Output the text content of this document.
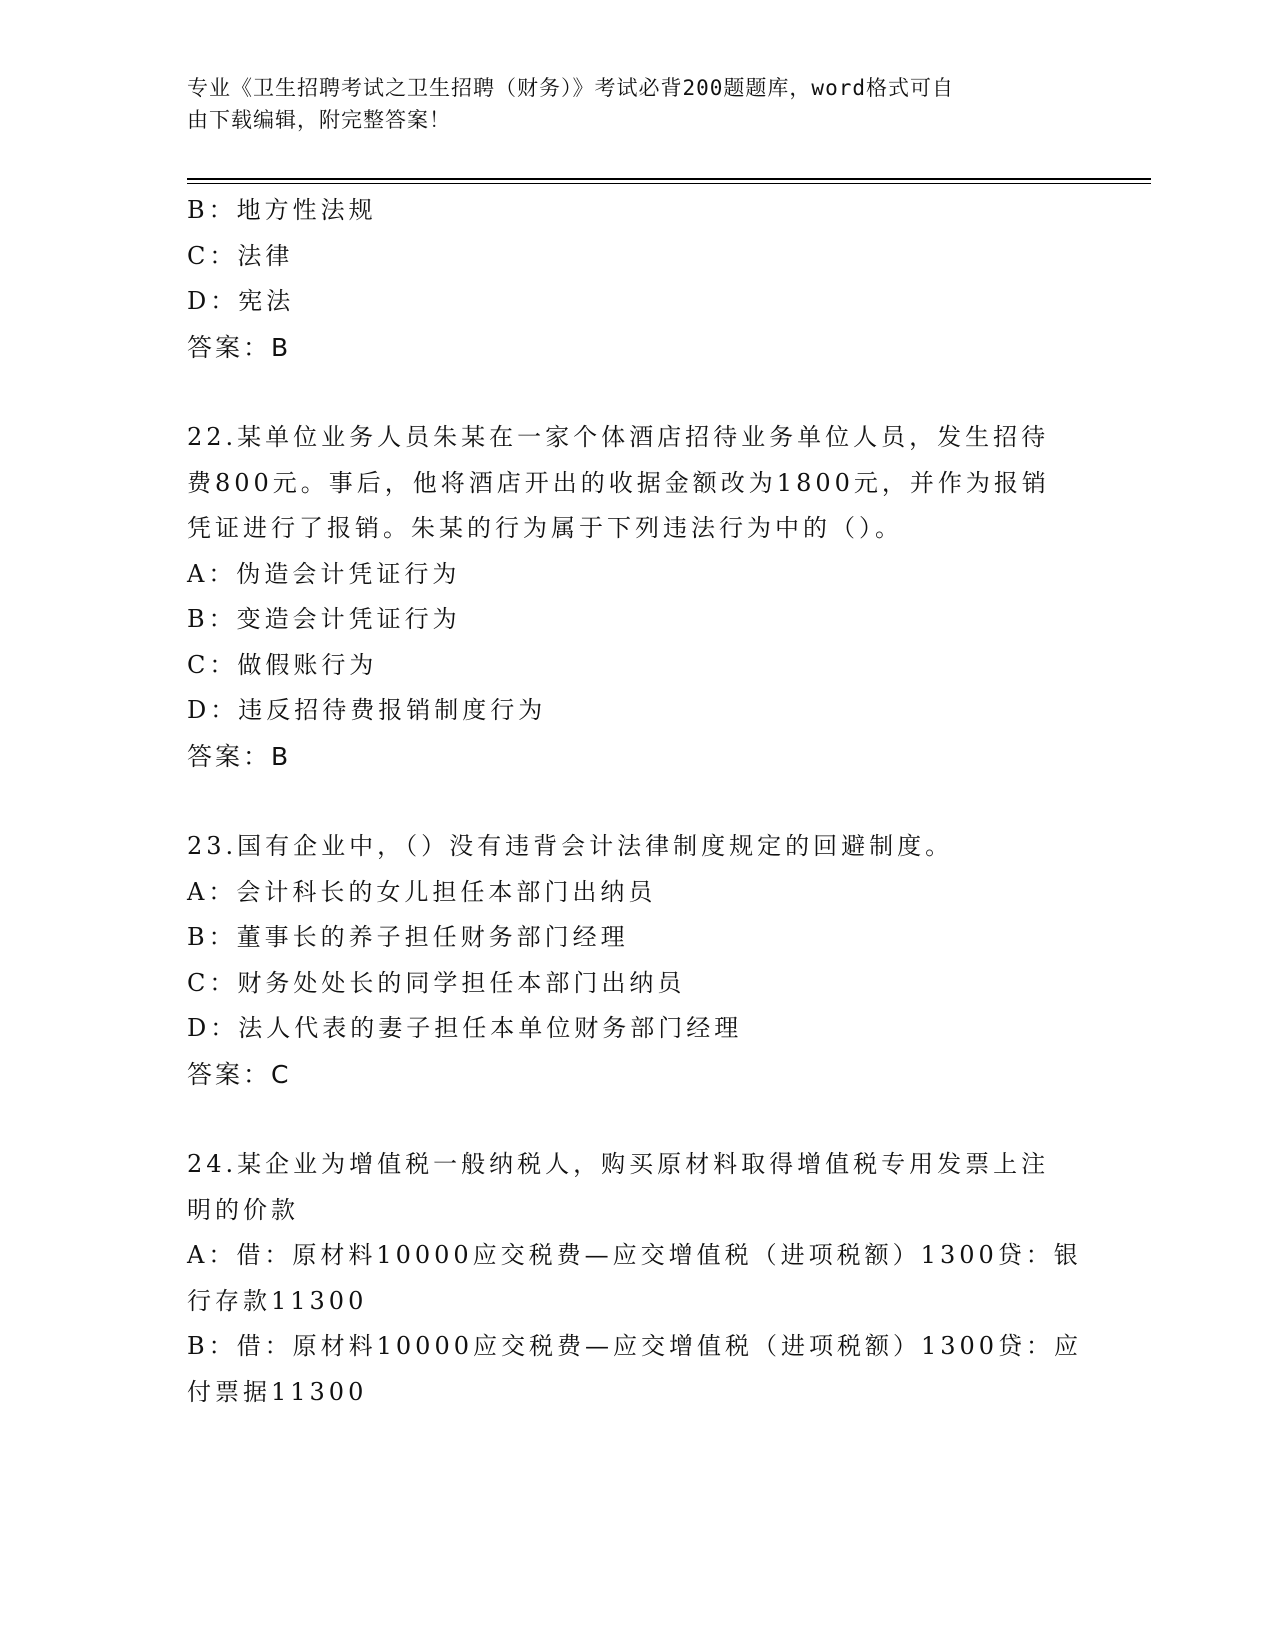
专业《卫生招聘考试之卫生招聘（财务）》考试必背200题题库，word格式可自
由下载编辑，附完整答案！
B：地方性法规
C：法律
D：宪法
答案：B
22.某单位业务人员朱某在一家个体酒店招待业务单位人员，发生招待
费800元。事后，他将酒店开出的收据金额改为1800元，并作为报销
凭证进行了报销。朱某的行为属于下列违法行为中的（）。
A：伪造会计凭证行为
B：变造会计凭证行为
C：做假账行为
D：违反招待费报销制度行为
答案：B
23.国有企业中，（）没有违背会计法律制度规定的回避制度。
A：会计科长的女儿担任本部门出纳员
B：董事长的养子担任财务部门经理
C：财务处处长的同学担任本部门出纳员
D：法人代表的妻子担任本单位财务部门经理
答案：C
24.某企业为增值税一般纳税人，购买原材料取得增值税专用发票上注
明的价款
A：借：原材料10000应交税费—应交增值税（进项税额）1300贷：银
行存款11300
B：借：原材料10000应交税费—应交增值税（进项税额）1300贷：应
付票据11300
